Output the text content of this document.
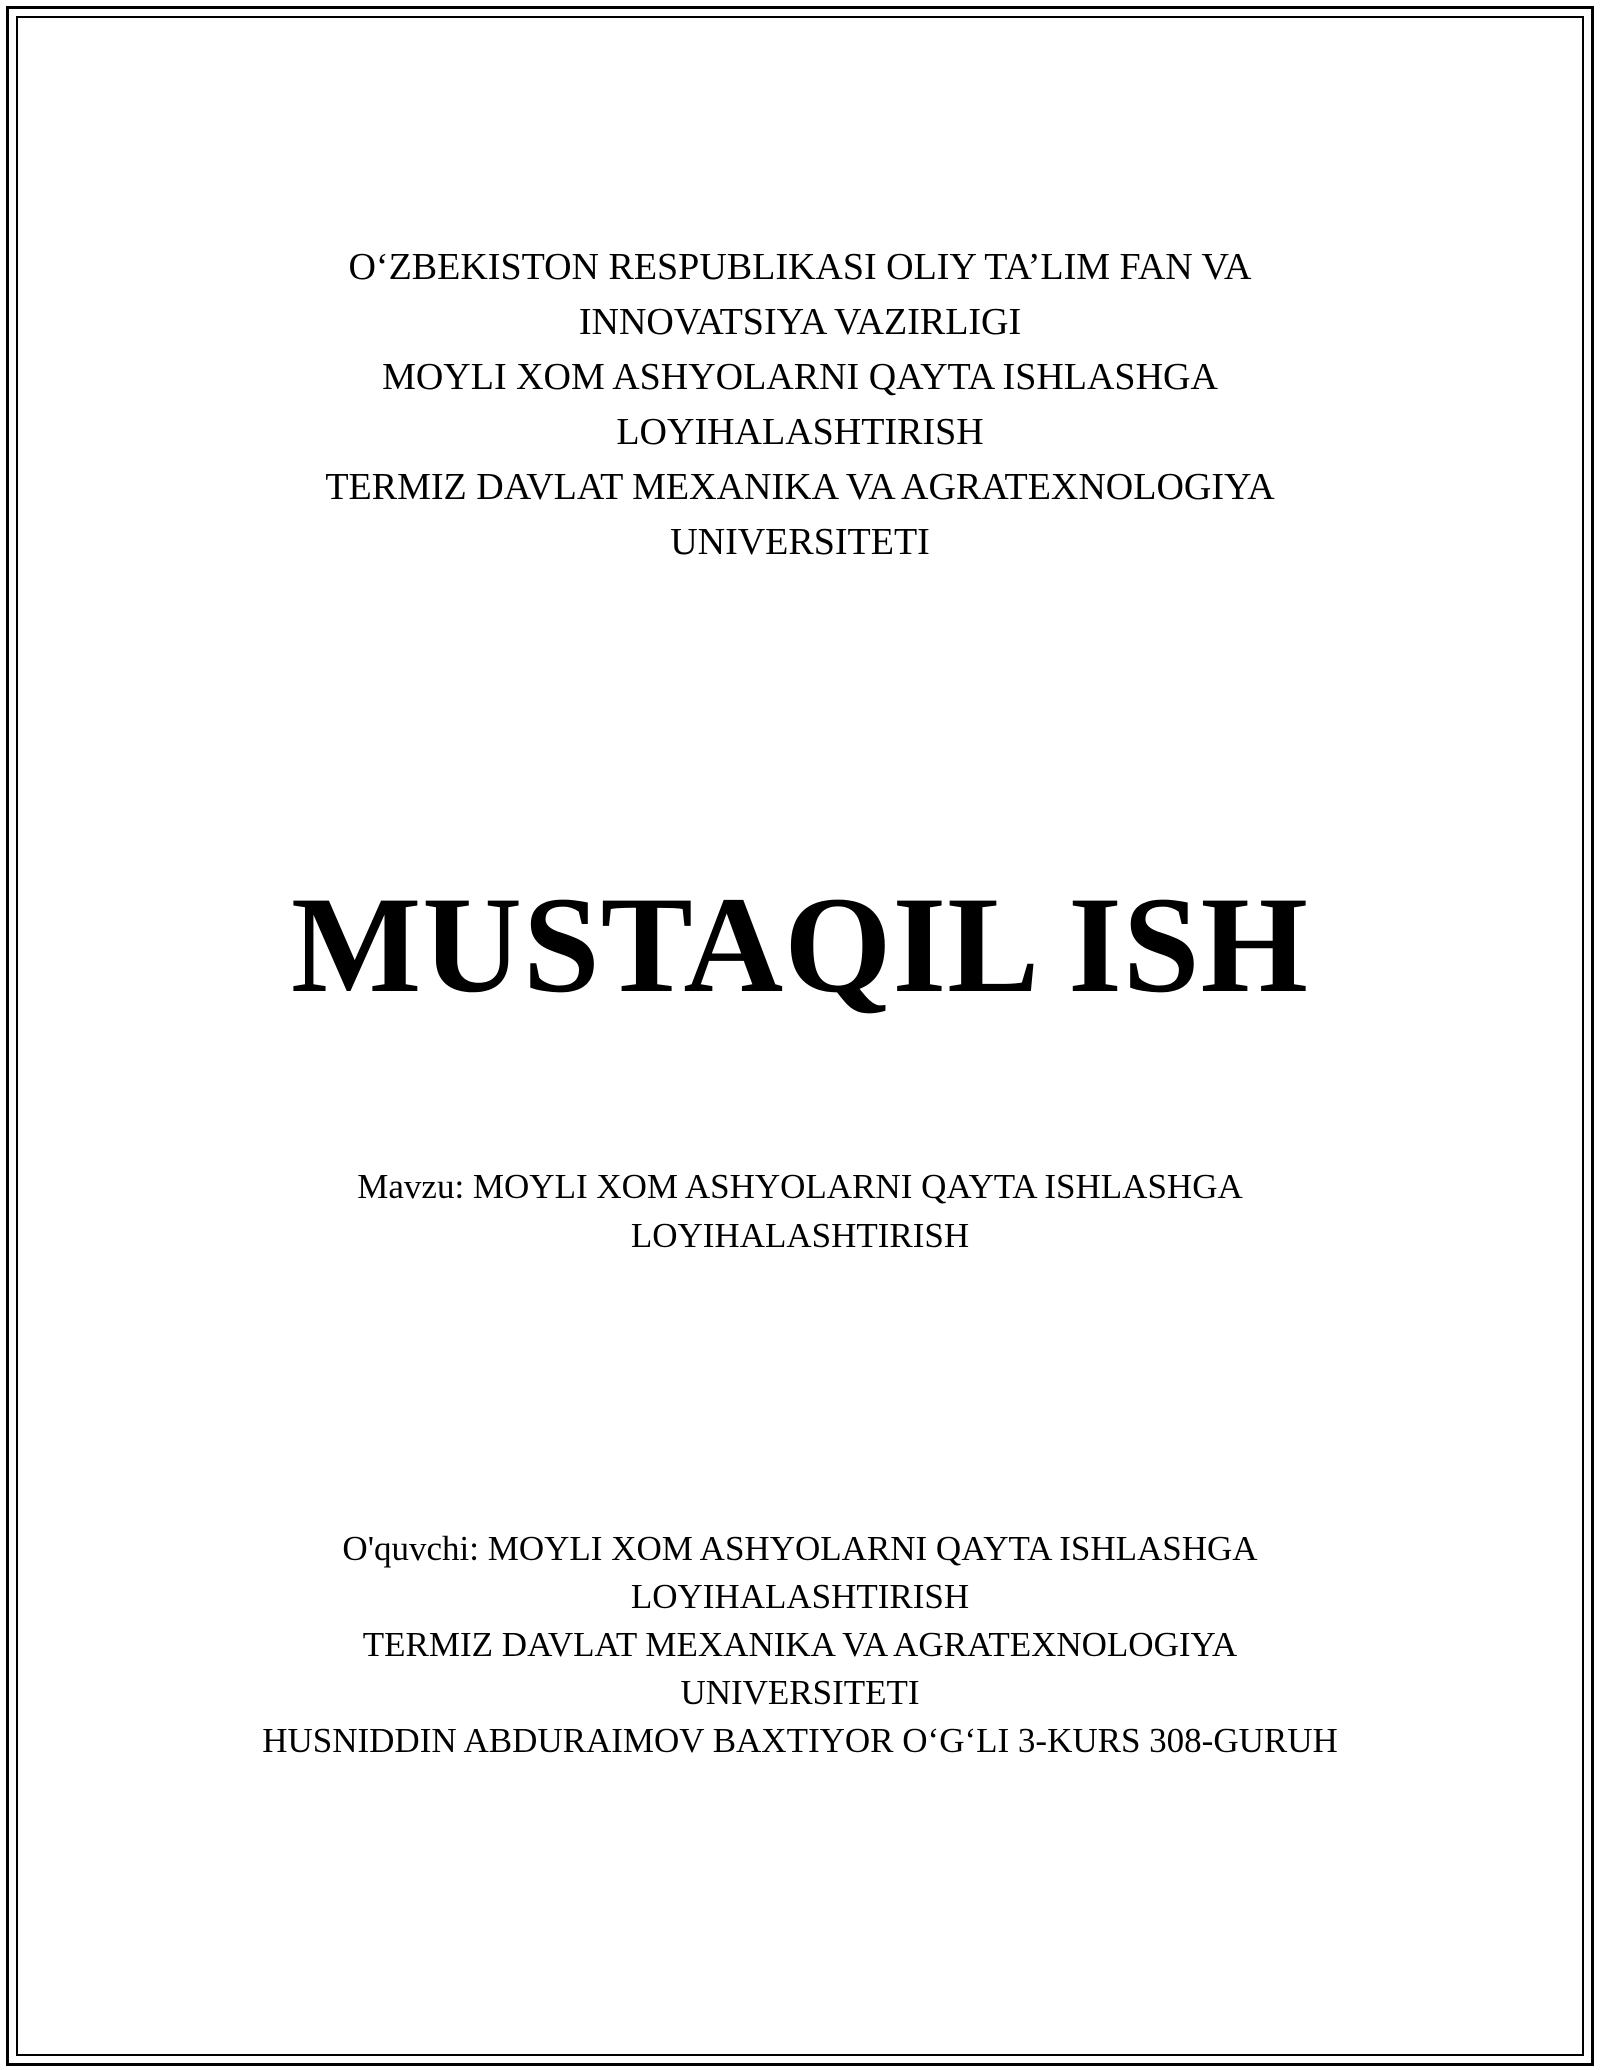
O‘ZBEKISTON RESPUBLIKASI OLIY TA’LIM FAN VA
INNOVATSIYA VAZIRLIGI
MOYLI XOM ASHYOLARNI QAYTA ISHLASHGA
LOYIHALASHTIRISH
TERMIZ DAVLAT MEXANIKA VA AGRATEXNOLOGIYA
UNIVERSITETI
MUSTAQIL ISH
Mavzu: MOYLI XOM ASHYOLARNI QAYTA ISHLASHGA
LOYIHALASHTIRISH
O'quvchi: MOYLI XOM ASHYOLARNI QAYTA ISHLASHGA
LOYIHALASHTIRISH
TERMIZ DAVLAT MEXANIKA VA AGRATEXNOLOGIYA
UNIVERSITETI
HUSNIDDIN ABDURAIMOV BAXTIYOR O‘G‘LI 3-KURS 308-GURUH
